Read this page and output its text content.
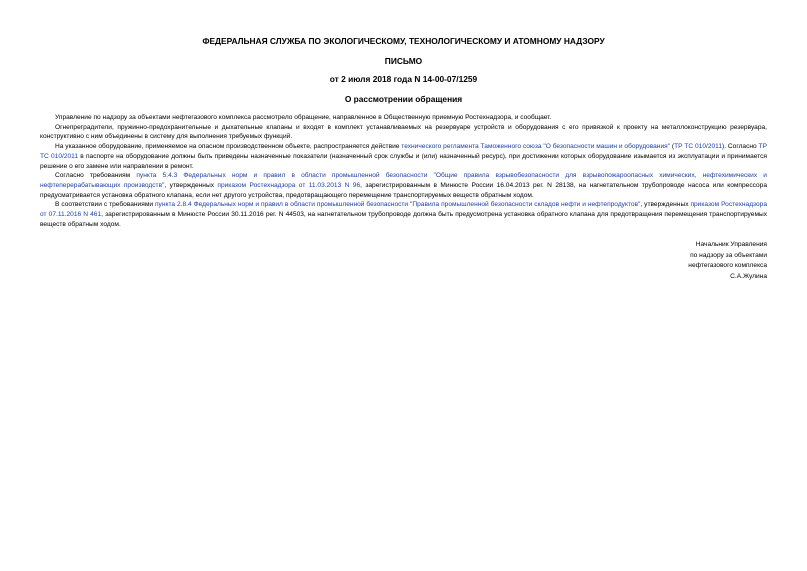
ФЕДЕРАЛЬНАЯ СЛУЖБА ПО ЭКОЛОГИЧЕСКОМУ, ТЕХНОЛОГИЧЕСКОМУ И АТОМНОМУ НАДЗОРУ
ПИСЬМО
от 2 июля 2018 года N 14-00-07/1259
О рассмотрении обращения

Управление по надзору за объектами нефтегазового комплекса рассмотрело обращение, направленное в Общественную приемную Ростехнадзора, и сообщает.

Огнепреградители, пружинно-предохранительные и дыхательные клапаны и входят в комплект устанавливаемых на резервуаре устройств и оборудования с его привязкой к проекту на металлоконструкцию резервуара, конструктивно с ним объединены в систему для выполнения требуемых функций.

На указанное оборудование, применяемое на опасном производственном объекте, распространяется действие технического регламента Таможенного союза "О безопасности машин и оборудования" (ТР ТС 010/2011). Согласно ТР ТС 010/2011 в паспорте на оборудование должны быть приведены назначенные показатели (назначенный срок службы и (или) назначенный ресурс), при достижении которых оборудование изымается из эксплуатации и принимается решение о его замене или направлении в ремонт.

Согласно требованиям пункта 5.4.3 Федеральных норм и правил в области промышленной безопасности "Общие правила взрывобезопасности для взрывопожароопасных химических, нефтехимических и нефтеперерабатывающих производств", утвержденных приказом Ростехнадзора от 11.03.2013 N 96, зарегистрированным в Минюсте России 16.04.2013 рег. N 28138, на нагнетательном трубопроводе насоса или компрессора предусматривается установка обратного клапана, если нет другого устройства, предотвращающего перемещение транспортируемых веществ обратным ходом.

В соответствии с требованиями пункта 2.8.4 Федеральных норм и правил в области промышленной безопасности "Правила промышленной безопасности складов нефти и нефтепродуктов", утвержденных приказом Ростехнадзора от 07.11.2016 N 461, зарегистрированным в Минюсте России 30.11.2016 рег. N 44503, на нагнетательном трубопроводе должна быть предусмотрена установка обратного клапана для предотвращения перемещения транспортируемых веществ обратным ходом.

Начальник Управления
по надзору за объектами
нефтегазового комплекса
С.А.Жулина
